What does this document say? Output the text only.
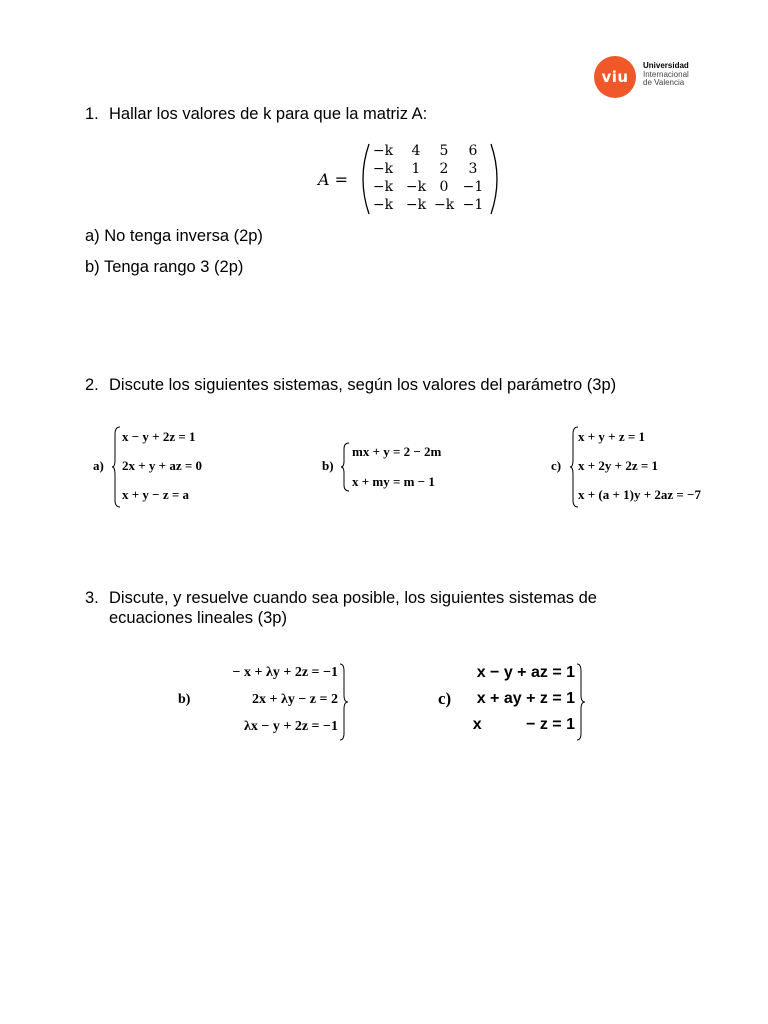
viu
Universidad
Internacional
de Valencia
1. Hallar los valores de k para que la matriz A:
A =
−k	4	5	6
−k	1	2	3
−k −k 0	−1
−k −k −k −1
a) No tenga inversa (2p)
b) Tenga rango 3 (2p)
2. Discute los siguientes sistemas, según los valores del parámetro (3p)
a)
x − y + 2z = 1
2x + y + az = 0
x + y − z = a
b)
mx + y = 2 − 2m
x + my = m − 1
c)
x + y + z = 1
x + 2y + 2z = 1
x + (a + 1)y + 2az = −7
3. Discute, y resuelve cuando sea posible, los siguientes sistemas de
ecuaciones lineales (3p)
b)
− x + λy + 2z = −1
2x + λy − z = 2
λx − y + 2z = −1
c)
x − y + az = 1
x + ay + z = 1
x          − z = 1
